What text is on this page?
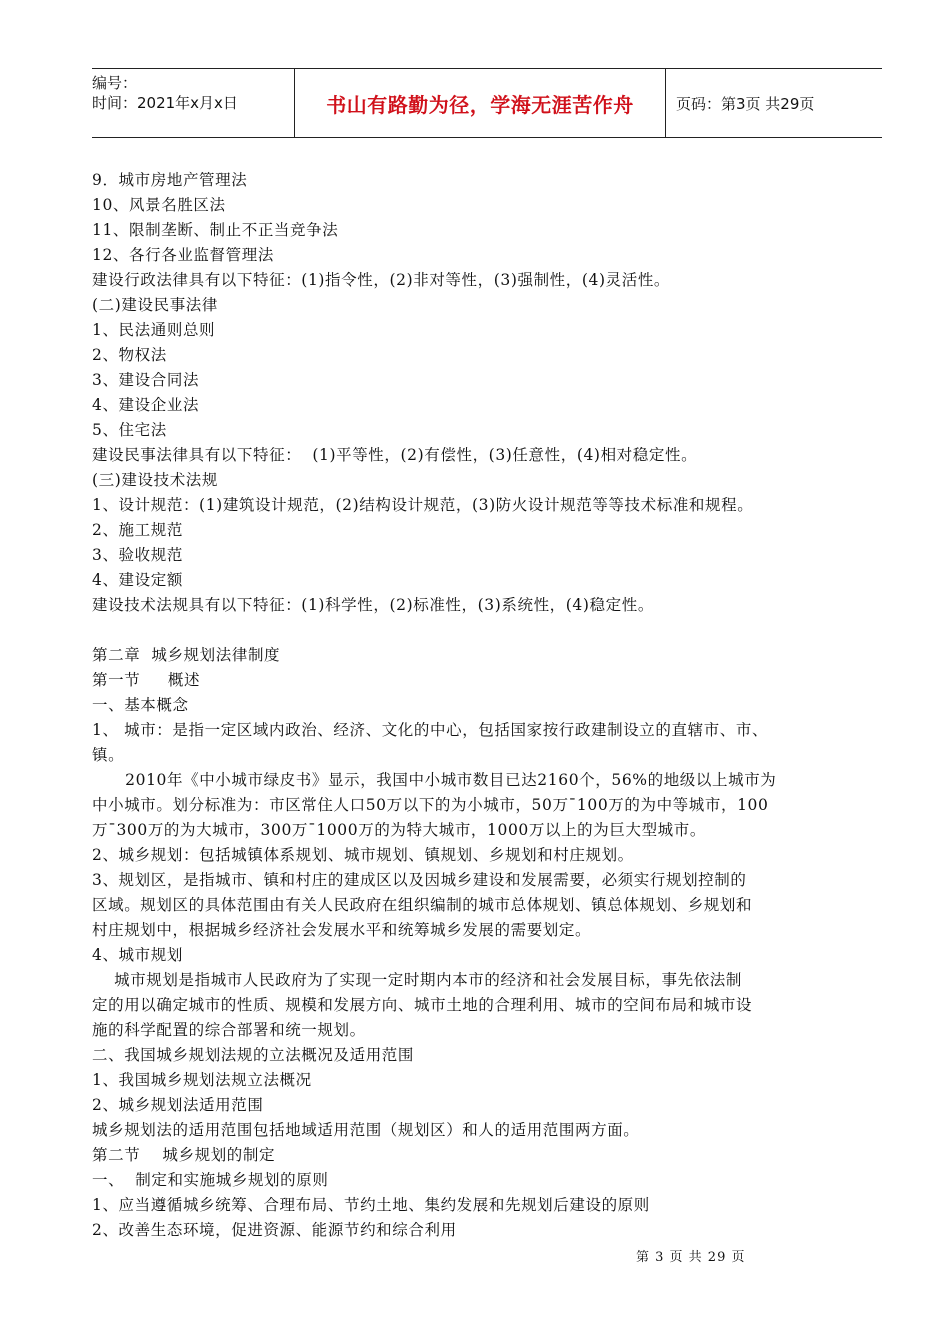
编号：
时间：2021年x月x日	书山有路勤为径，学海无涯苦作舟	页码：第3页 共29页
9．城市房地产管理法
10、风景名胜区法
11、限制垄断、制止不正当竞争法
12、各行各业监督管理法
建设行政法律具有以下特征：(1)指令性，(2)非对等性，(3)强制性，(4)灵活性。
(二)建设民事法律
1、民法通则总则
2、物权法
3、建设合同法
4、建设企业法
5、住宅法
建设民事法律具有以下特征：  (1)平等性，(2)有偿性，(3)任意性，(4)相对稳定性。
(三)建设技术法规
1、设计规范：(1)建筑设计规范，(2)结构设计规范，(3)防火设计规范等等技术标准和规程。
2、施工规范
3、验收规范
4、建设定额
建设技术法规具有以下特征：(1)科学性，(2)标准性，(3)系统性，(4)稳定性。
第二章  城乡规划法律制度
第一节     概述
一、基本概念
1、 城市：是指一定区域内政治、经济、文化的中心，包括国家按行政建制设立的直辖市、市、
镇。
2010年《中小城市绿皮书》显示，我国中小城市数目已达2160个，56%的地级以上城市为
中小城市。划分标准为：市区常住人口50万以下的为小城市，50万¯100万的为中等城市，100
万¯300万的为大城市，300万¯1000万的为特大城市，1000万以上的为巨大型城市。
2、城乡规划：包括城镇体系规划、城市规划、镇规划、乡规划和村庄规划。
3、规划区，是指城市、镇和村庄的建成区以及因城乡建设和发展需要，必须实行规划控制的
区域。规划区的具体范围由有关人民政府在组织编制的城市总体规划、镇总体规划、乡规划和
村庄规划中，根据城乡经济社会发展水平和统筹城乡发展的需要划定。
4、城市规划
城市规划是指城市人民政府为了实现一定时期内本市的经济和社会发展目标，事先依法制
定的用以确定城市的性质、规模和发展方向、城市土地的合理利用、城市的空间布局和城市设
施的科学配置的综合部署和统一规划。
二、我国城乡规划法规的立法概况及适用范围
1、我国城乡规划法规立法概况
2、城乡规划法适用范围
城乡规划法的适用范围包括地域适用范围（规划区）和人的适用范围两方面。
第二节    城乡规划的制定
一、  制定和实施城乡规划的原则
1、应当遵循城乡统筹、合理布局、节约土地、集约发展和先规划后建设的原则
2、改善生态环境，促进资源、能源节约和综合利用
第 3 页 共 29 页
